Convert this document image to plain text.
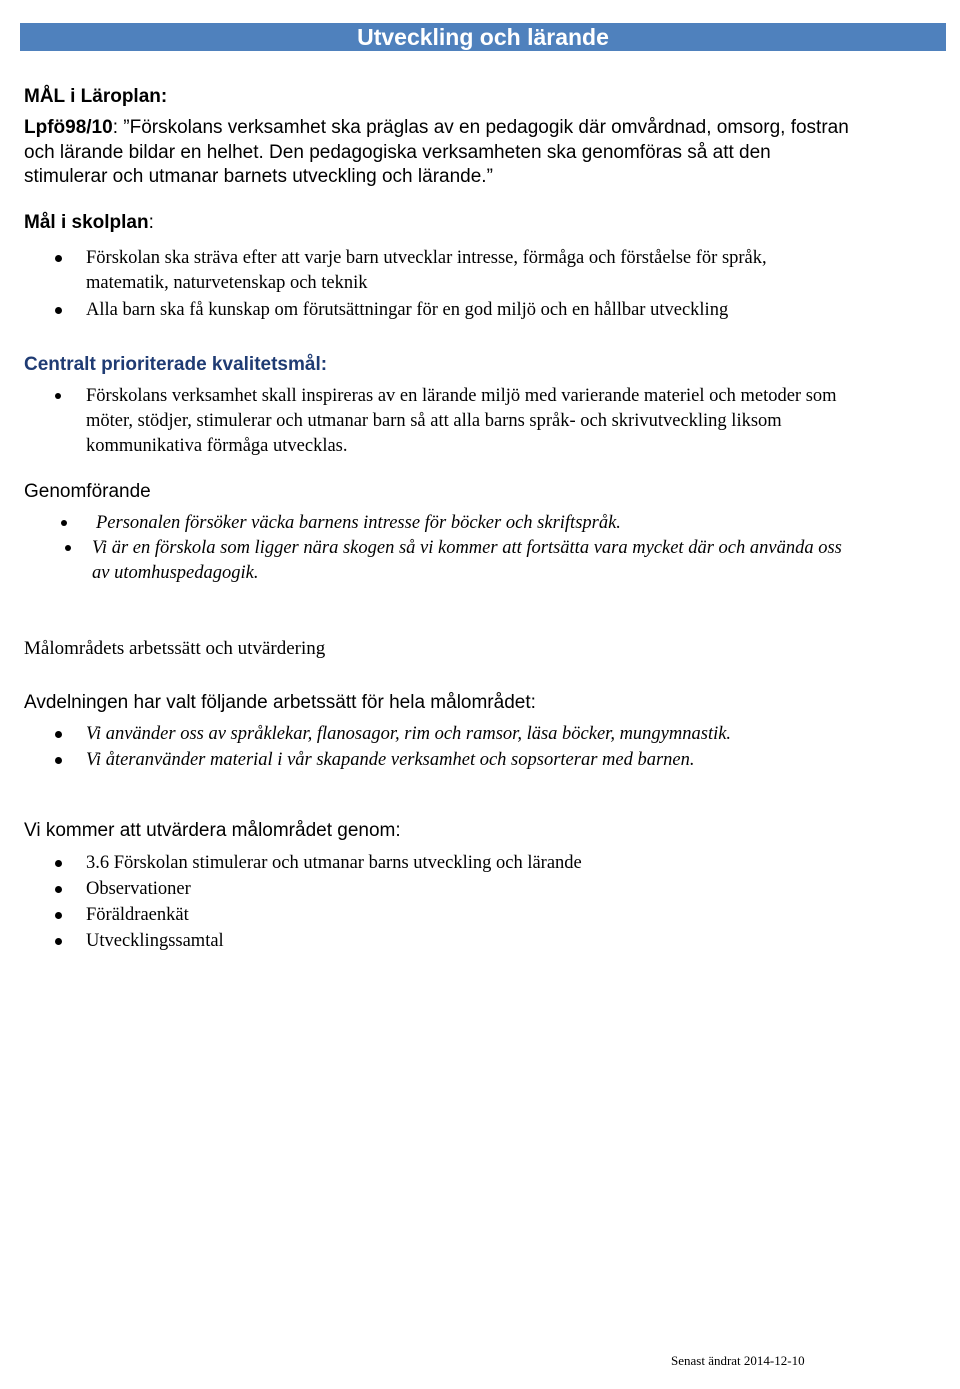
Utveckling och lärande
MÅL i Läroplan:
Lpfö98/10: ”Förskolans verksamhet ska präglas av en pedagogik där omvårdnad, omsorg, fostran
och lärande bildar en helhet. Den pedagogiska verksamheten ska genomföras så att den
stimulerar och utmanar barnets utveckling och lärande.”
Mål i skolplan:
Förskolan ska sträva efter att varje barn utvecklar intresse, förmåga och förståelse för språk,
matematik, naturvetenskap och teknik
Alla barn ska få kunskap om förutsättningar för en god miljö och en hållbar utveckling
Centralt prioriterade kvalitetsmål:
Förskolans verksamhet skall inspireras av en lärande miljö med varierande materiel och metoder som
möter, stödjer, stimulerar och utmanar barn så att alla barns språk- och skrivutveckling liksom
kommunikativa förmåga utvecklas.
Genomförande
Personalen försöker väcka barnens intresse för böcker och skriftspråk.
Vi är en förskola som ligger nära skogen så vi kommer att fortsätta vara mycket där och använda oss
av utomhuspedagogik.
Målområdets arbetssätt och utvärdering
Avdelningen har valt följande arbetssätt för hela målområdet:
Vi använder oss av språklekar, flanosagor, rim och ramsor, läsa böcker, mungymnastik.
Vi återanvänder material i vår skapande verksamhet och sopsorterar med barnen.
Vi kommer att utvärdera målområdet genom:
3.6 Förskolan stimulerar och utmanar barns utveckling och lärande
Observationer
Föräldraenkät
Utvecklingssamtal
Senast ändrat 2014-12-10
